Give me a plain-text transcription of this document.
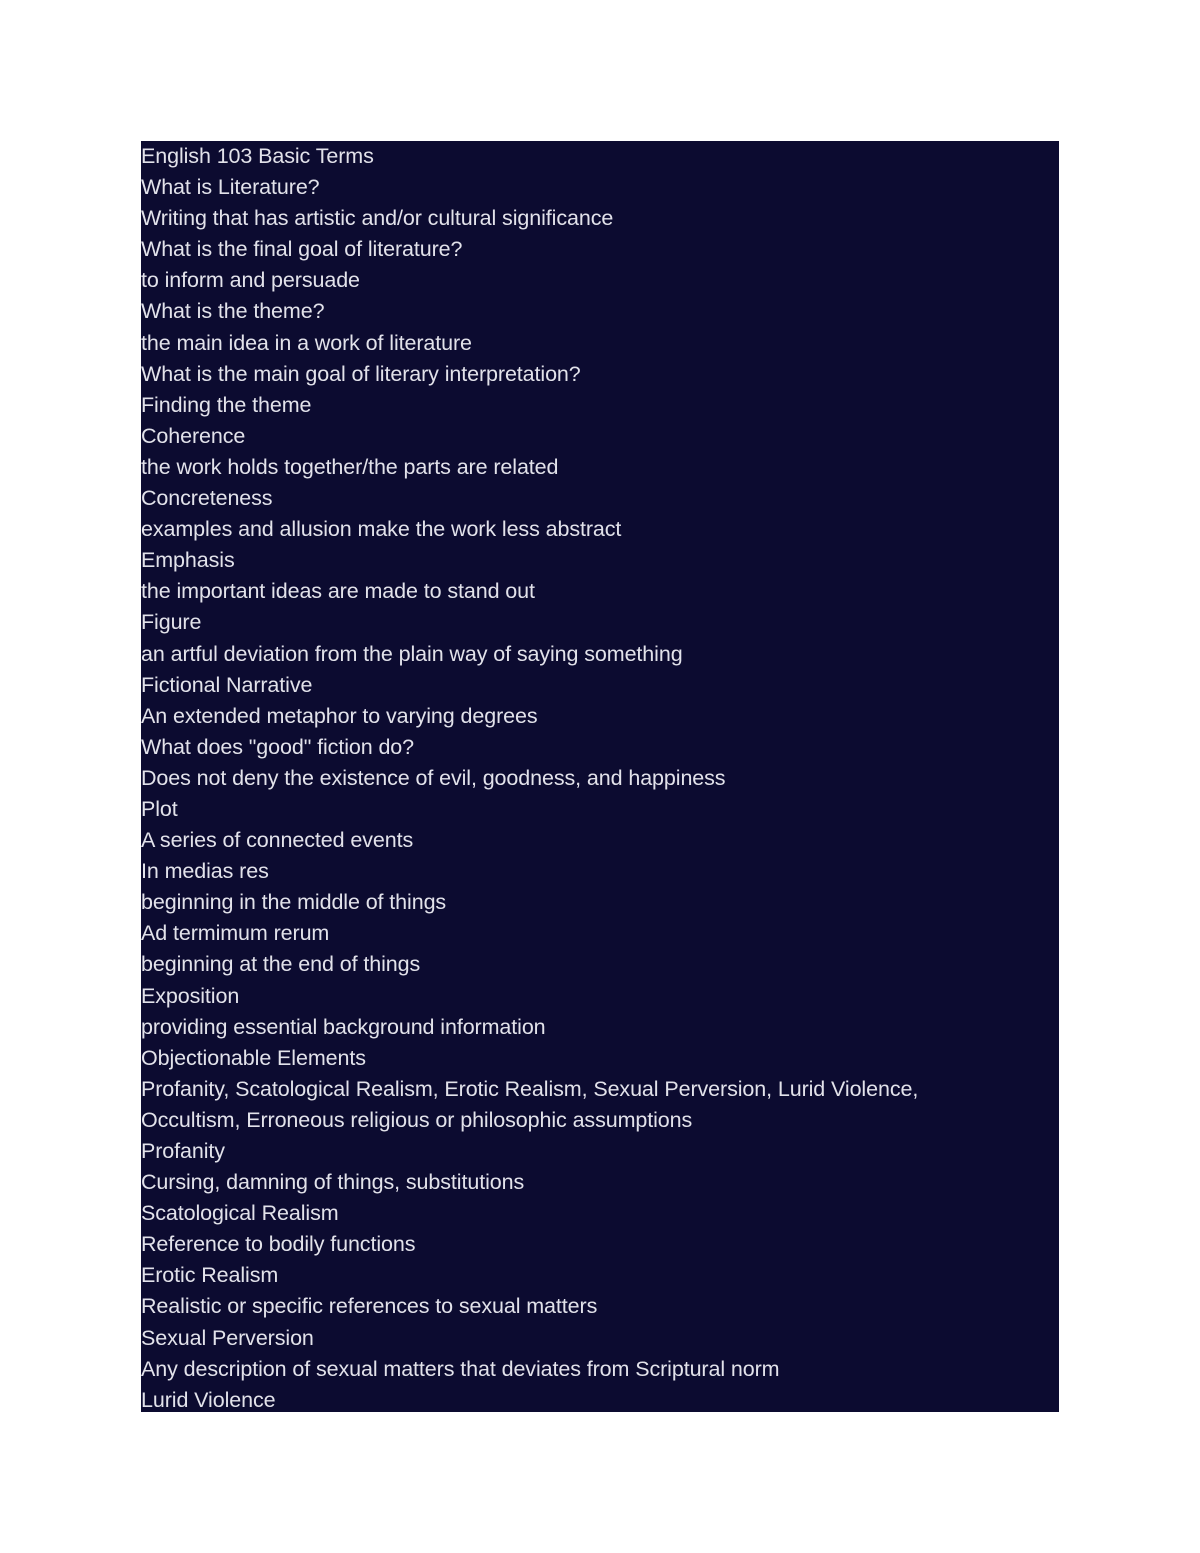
English 103 Basic Terms
What is Literature?
Writing that has artistic and/or cultural significance
What is the final goal of literature?
to inform and persuade
What is the theme?
the main idea in a work of literature
What is the main goal of literary interpretation?
Finding the theme
Coherence
the work holds together/the parts are related
Concreteness
examples and allusion make the work less abstract
Emphasis
the important ideas are made to stand out
Figure
an artful deviation from the plain way of saying something
Fictional Narrative
An extended metaphor to varying degrees
What does "good" fiction do?
Does not deny the existence of evil, goodness, and happiness
Plot
A series of connected events
In medias res
beginning in the middle of things
Ad termimum rerum
beginning at the end of things
Exposition
providing essential background information
Objectionable Elements
Profanity, Scatological Realism, Erotic Realism, Sexual Perversion, Lurid Violence,
Occultism, Erroneous religious or philosophic assumptions
Profanity
Cursing, damning of things, substitutions
Scatological Realism
Reference to bodily functions
Erotic Realism
Realistic or specific references to sexual matters
Sexual Perversion
Any description of sexual matters that deviates from Scriptural norm
Lurid Violence
